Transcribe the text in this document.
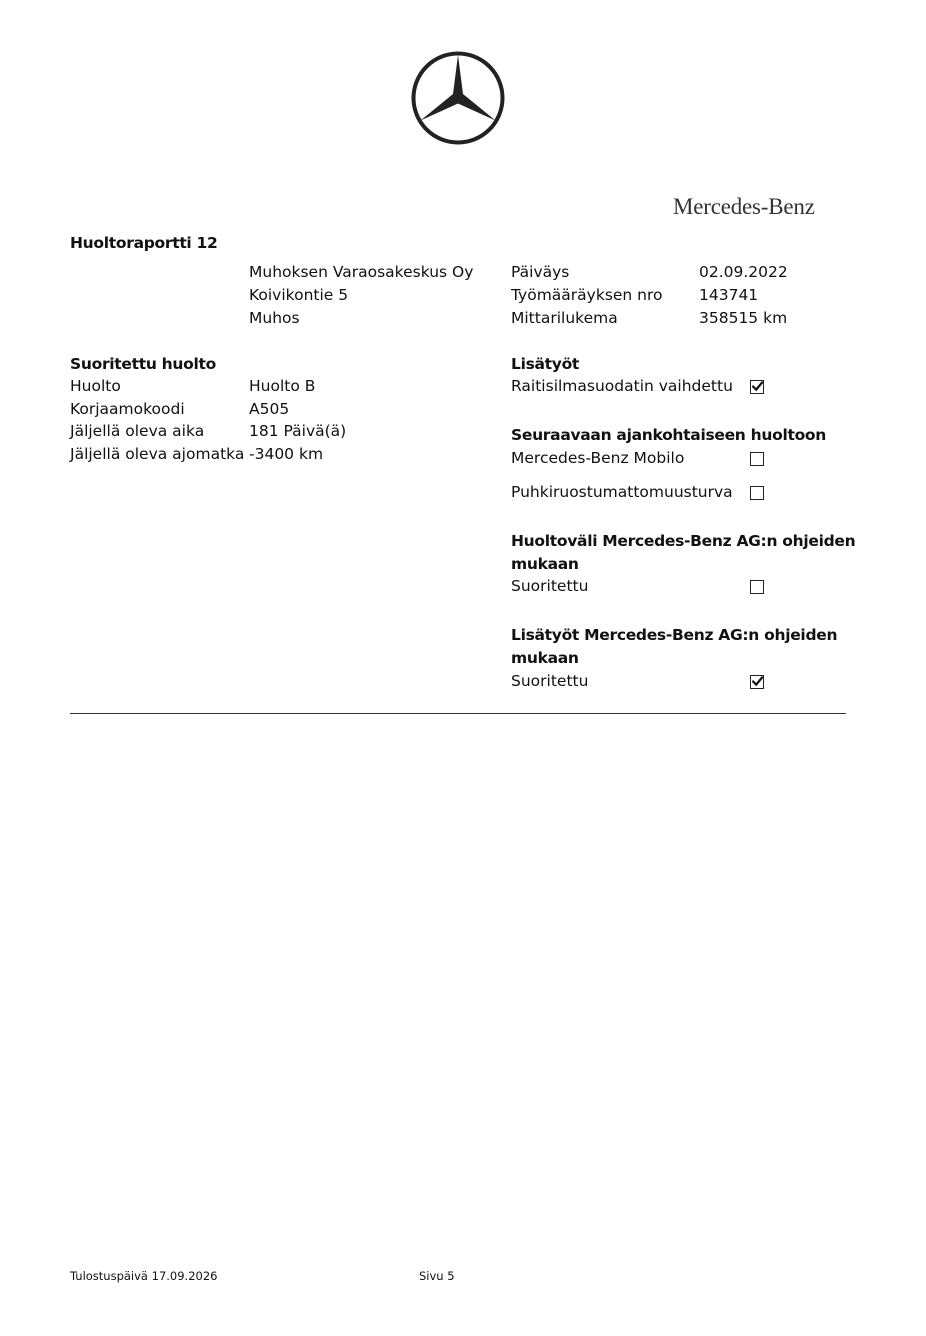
Mercedes-Benz
Huoltoraportti 12
Muhoksen Varaosakeskus Oy
Koivikontie 5
Muhos
Päiväys	02.09.2022
Työmääräyksen nro 143741
Mittarilukema	358515 km
Suoritettu huolto
Huolto	Huolto B
Korjaamokoodi	A505
Jäljellä oleva aika	181 Päivä(ä)
Jäljellä oleva ajomatka -3400 km
Lisätyöt
Raitisilmasuodatin vaihdettu
Seuraavaan ajankohtaiseen huoltoon
Mercedes-Benz Mobilo
Puhkiruostumattomuusturva
Huoltoväli Mercedes-Benz AG:n ohjeiden
mukaan
Suoritettu
Lisätyöt Mercedes-Benz AG:n ohjeiden
mukaan
Suoritettu
Tulostuspäivä 17.09.2026	Sivu 5
